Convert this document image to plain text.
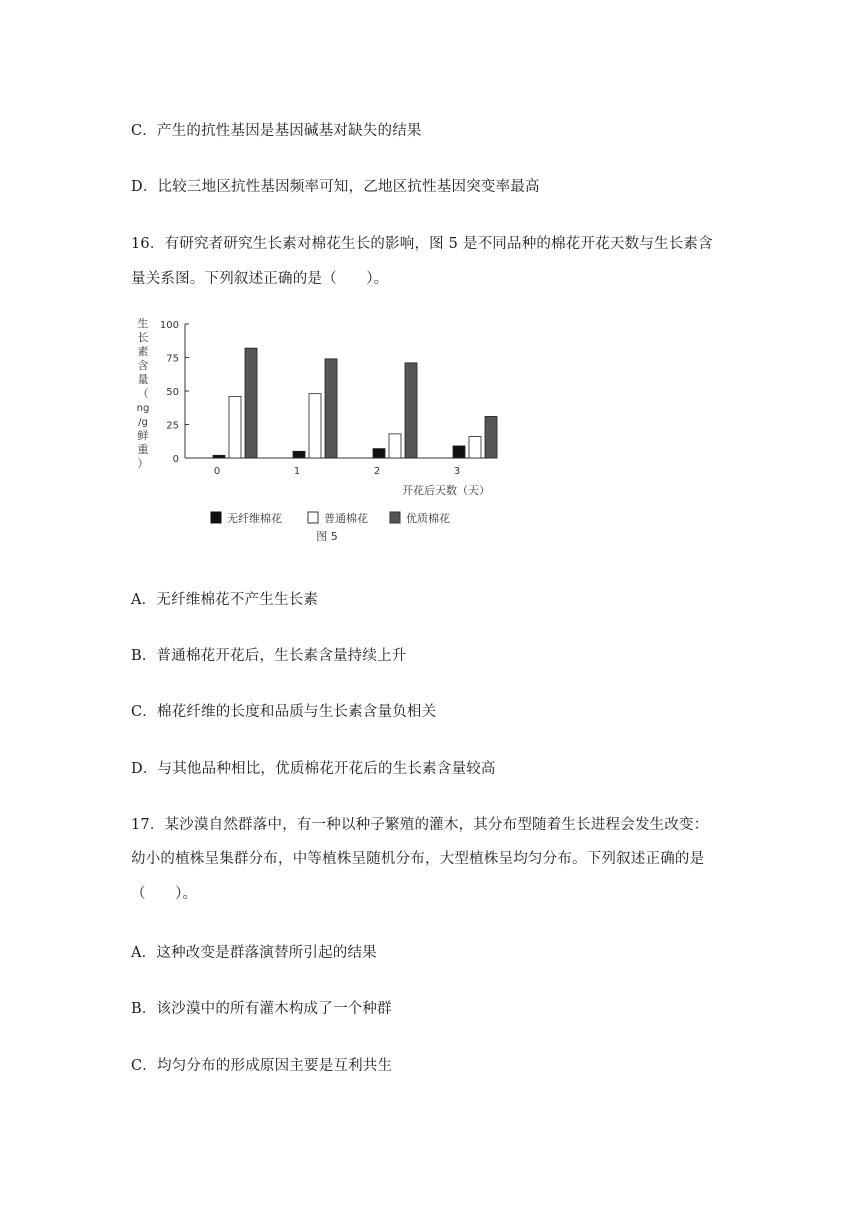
C．产生的抗性基因是基因碱基对缺失的结果
D．比较三地区抗性基因频率可知，乙地区抗性基因突变率最高
16．有研究者研究生长素对棉花生长的影响，图 5 是不同品种的棉花开花天数与生长素含
量关系图。下列叙述正确的是（　　）。
生
长
素
含
量
（
ng
/g
鲜
重
）
100
75
50
25
0
0	1	2	3
开花后天数（天）
无纤维棉花	普通棉花	优质棉花
图 5
A．无纤维棉花不产生生长素
B．普通棉花开花后，生长素含量持续上升
C．棉花纤维的长度和品质与生长素含量负相关
D．与其他品种相比，优质棉花开花后的生长素含量较高
17．某沙漠自然群落中，有一种以种子繁殖的灌木，其分布型随着生长进程会发生改变：
幼小的植株呈集群分布，中等植株呈随机分布，大型植株呈均匀分布。下列叙述正确的是
（　　）。
A．这种改变是群落演替所引起的结果
B．该沙漠中的所有灌木构成了一个种群
C．均匀分布的形成原因主要是互利共生
